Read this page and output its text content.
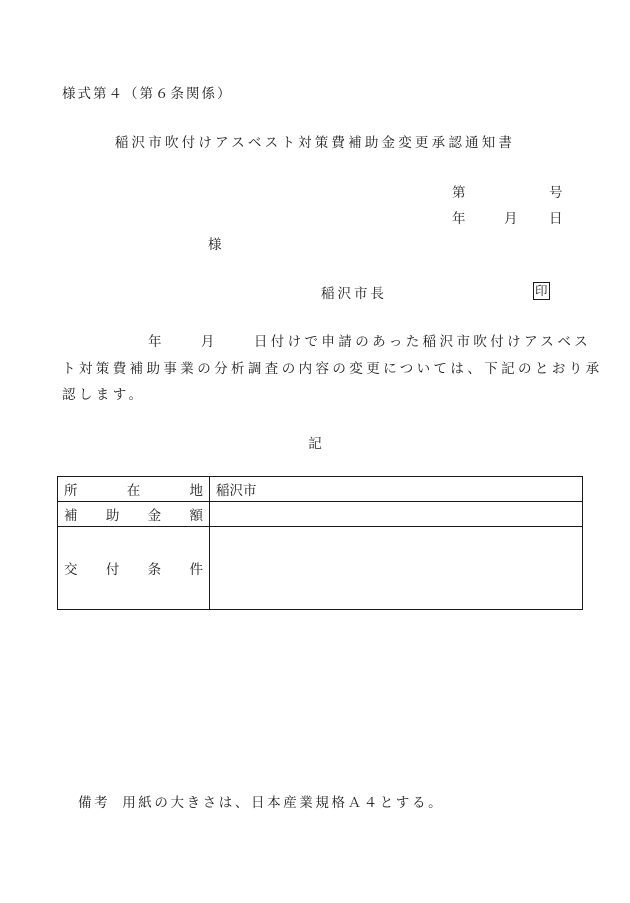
様式第４（第６条関係）
稲沢市吹付けアスベスト対策費補助金変更承認通知書
第	号
年	月 日
様
稲沢市長	印
年	月	日付けで申請のあった稲沢市吹付けアスベス
ト対策費補助事業の分析調査の内容の変更については、下記のとおり承
認します。
記
所 在 地	稲沢市

補 助 金 額	

交 付 条 件	

備考 用紙の大きさは、日本産業規格Ａ４とする。
